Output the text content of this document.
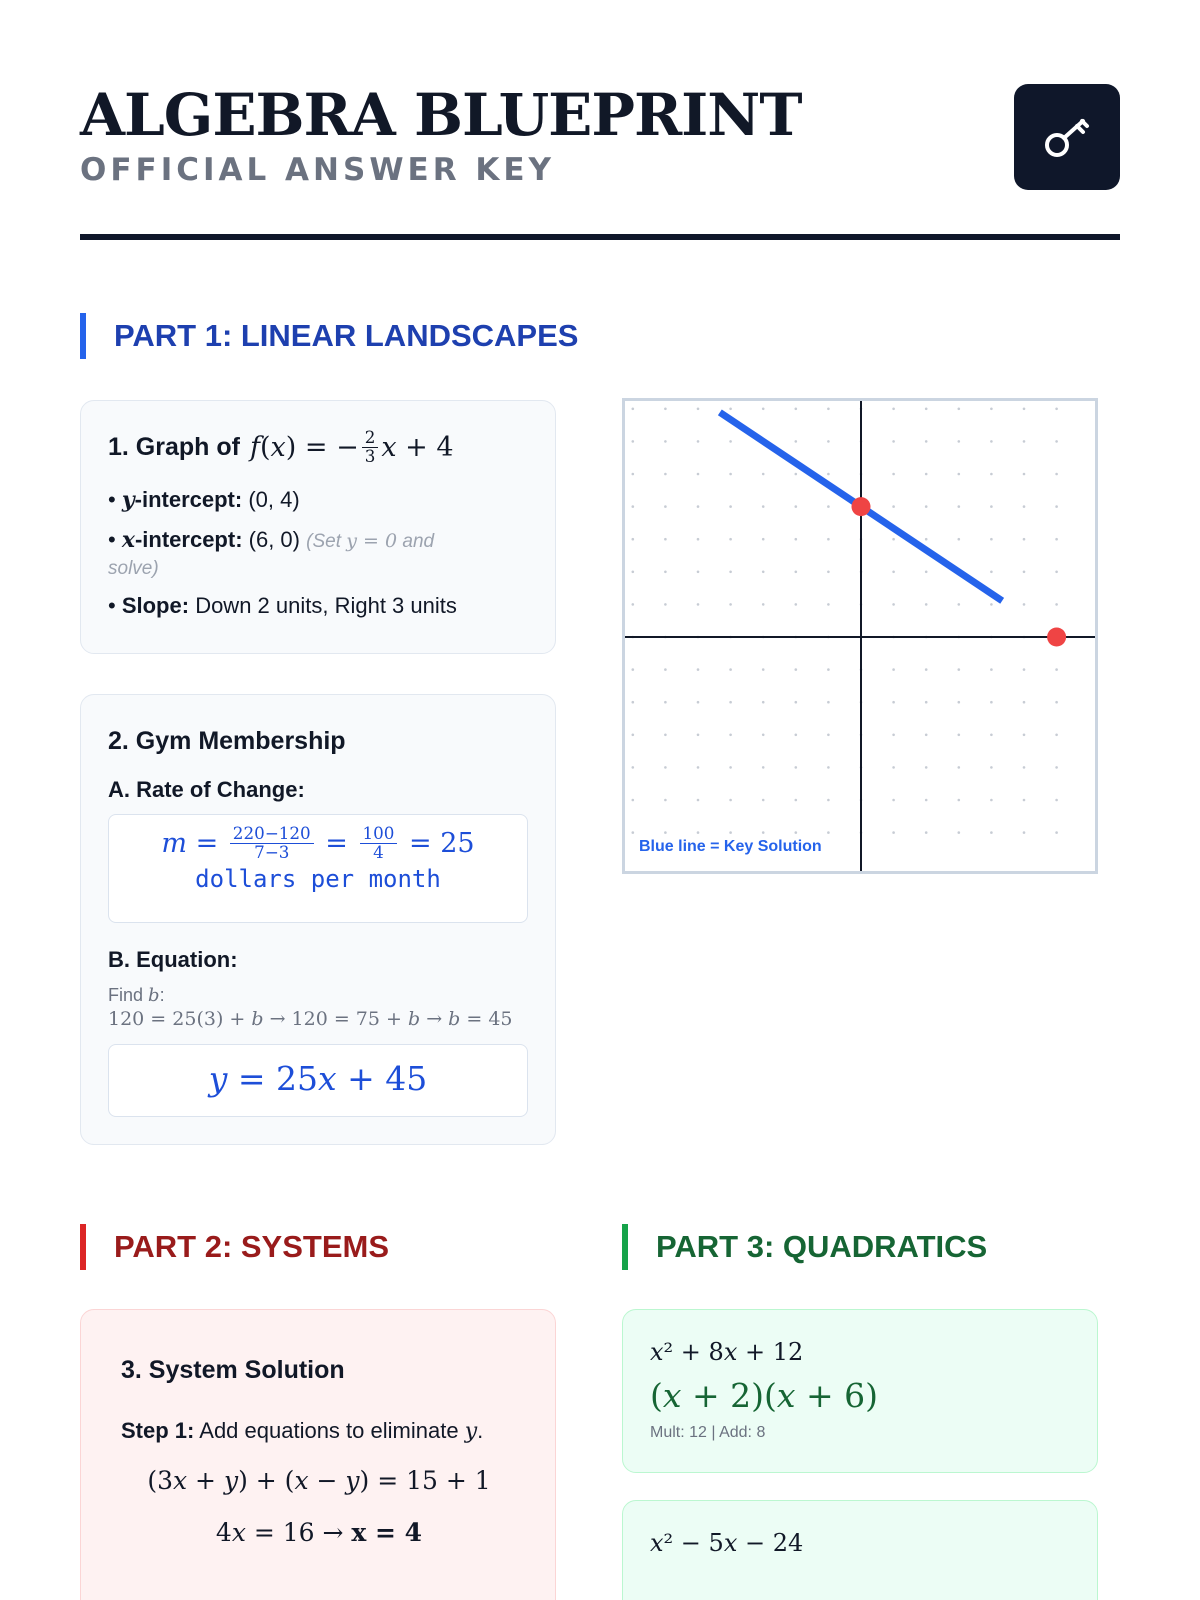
ALGEBRA BLUEPRINT
OFFICIAL ANSWER KEY
PART 1: LINEAR LANDSCAPES
1. Graph of f ( x ) = − $\frac{2}{3}$ x + 4
• y-intercept: (0, 4)
• x-intercept: (6, 0) (Set y = 0 and
solve)
• Slope: Down 2 units, Right 3 units
2. Gym Membership
A. Rate of Change:
$m = \frac{220-120}{7-3} = \frac{100}{4} = 25$
dollars per month
B. Equation:
Find b:
120 = 25(3) + b → 120 = 75 + b → b = 45
y = 25x + 45
Blue line = Key Solution
PART 2: SYSTEMS	PART 3: QUADRATICS
3. System Solution
Step 1: Add equations to eliminate y.
(3x + y) + (x − y) = 15 + 1
4x = 16 → x = 4
x² + 8x + 12
(x + 2)(x + 6)
Mult: 12 | Add: 8
x² − 5x − 24
